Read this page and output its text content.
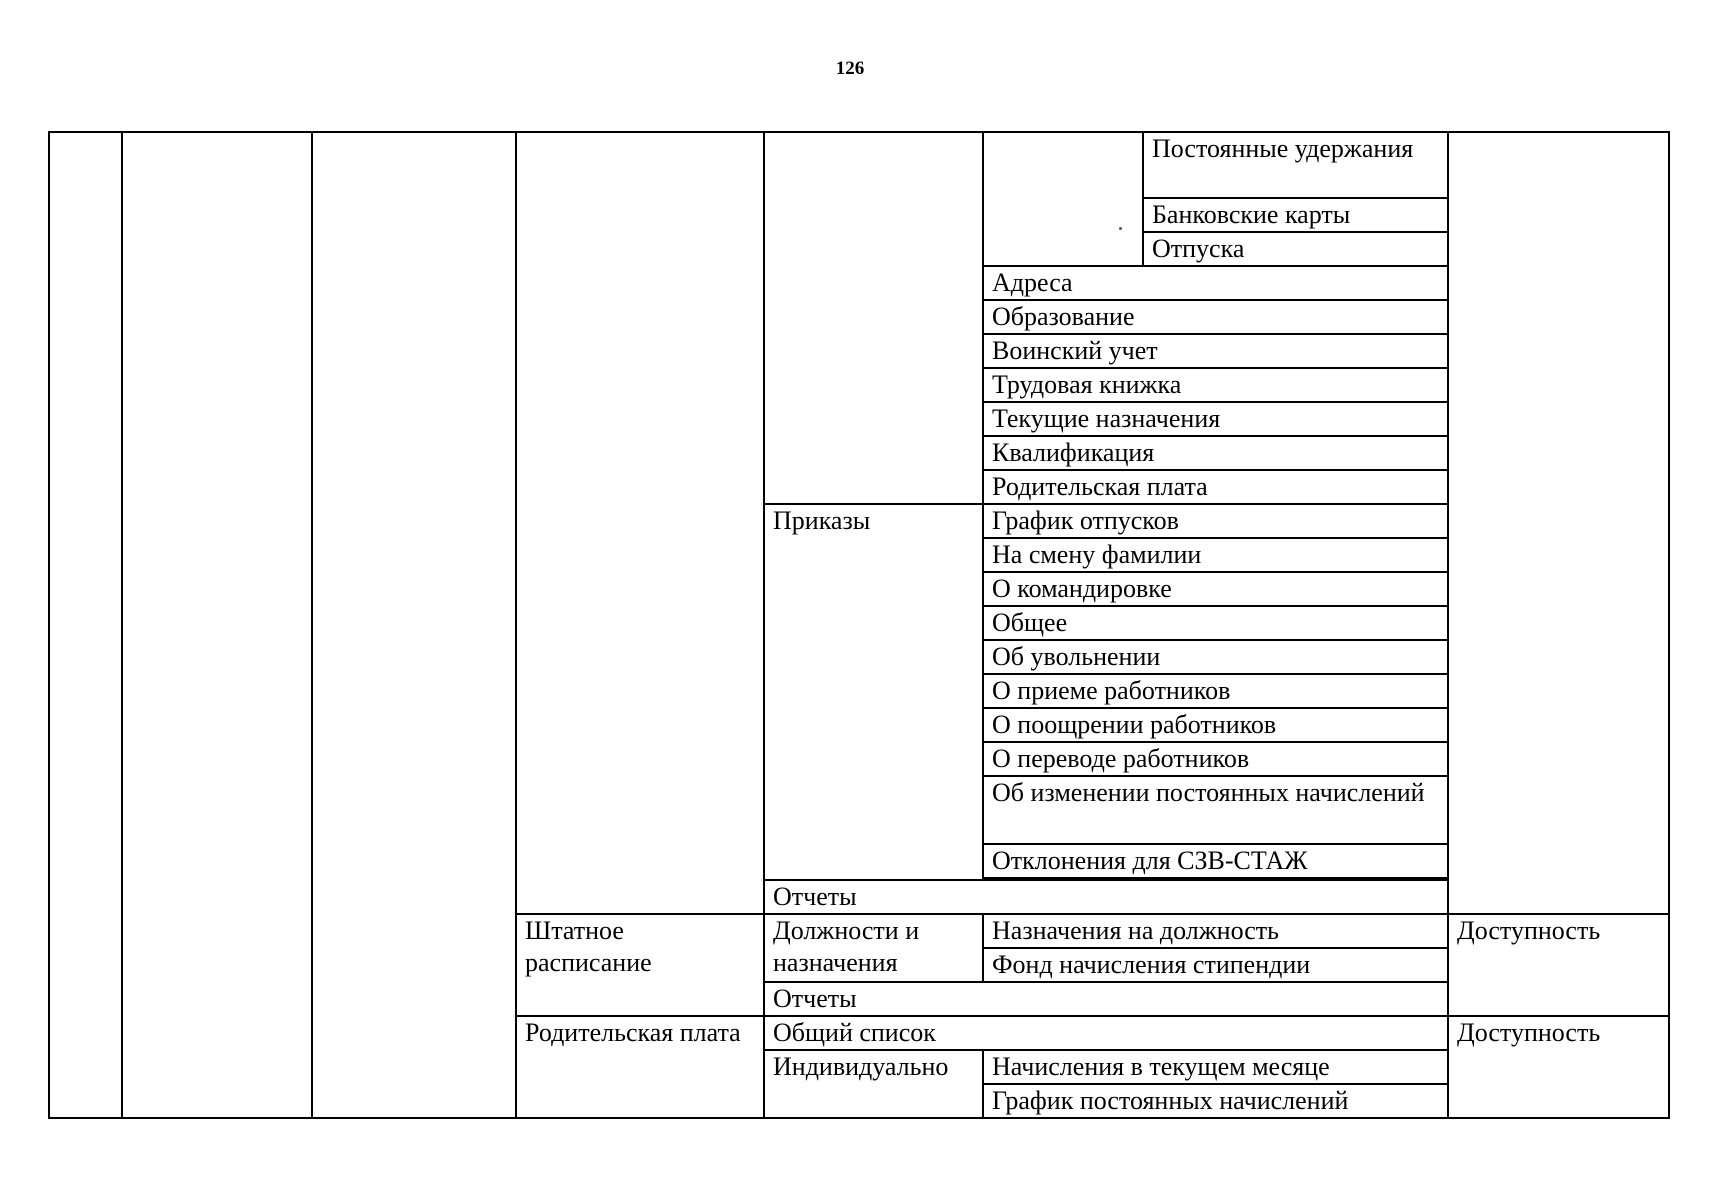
126
						Постоянные удержания	
						Банковские карты	
						Отпуска	
					Адреса		
					Образование		
					Воинский учет		
					Трудовая книжка		
					Текущие назначения		
					Квалификация		
					Родительская плата		
				Приказы	График отпусков		
					На смену фамилии		
					О командировке		
					Общее		
					Об увольнении		
					О приеме работников		
					О поощрении работников		
					О переводе работников		
					Об изменении постоянных начислений		

					Отклонения для СЗВ-СТАЖ		

				Отчеты			
			Штатное расписание	Должности и назначения	Назначения на должность		Доступность
					Фонд начисления стипендии		
				Отчеты			
			Родительская плата	Общий список			Доступность
				Индивидуально	Начисления в текущем месяце		
					График постоянных начислений		
